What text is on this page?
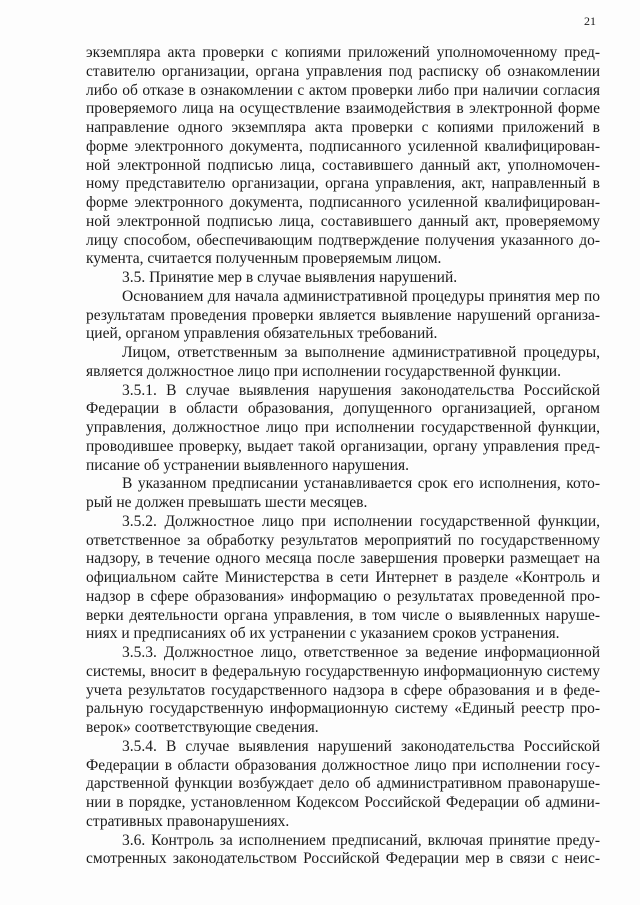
21
экземпляра акта проверки с копиями приложений уполномоченному пред-
ставителю организации, органа управления под расписку об ознакомлении
либо об отказе в ознакомлении с актом проверки либо при наличии согласия
проверяемого лица на осуществление взаимодействия в электронной форме
направление одного экземпляра акта проверки с копиями приложений в
форме электронного документа, подписанного усиленной квалифицирован-
ной электронной подписью лица, составившего данный акт, уполномочен-
ному представителю организации, органа управления, акт, направленный в
форме электронного документа, подписанного усиленной квалифицирован-
ной электронной подписью лица, составившего данный акт, проверяемому
лицу способом, обеспечивающим подтверждение получения указанного до-
кумента, считается полученным проверяемым лицом.
3.5. Принятие мер в случае выявления нарушений.
Основанием для начала административной процедуры принятия мер по
результатам проведения проверки является выявление нарушений организа-
цией, органом управления обязательных требований.
Лицом, ответственным за выполнение административной процедуры,
является должностное лицо при исполнении государственной функции.
3.5.1. В случае выявления нарушения законодательства Российской
Федерации в области образования, допущенного организацией, органом
управления, должностное лицо при исполнении государственной функции,
проводившее проверку, выдает такой организации, органу управления пред-
писание об устранении выявленного нарушения.
В указанном предписании устанавливается срок его исполнения, кото-
рый не должен превышать шести месяцев.
3.5.2. Должностное лицо при исполнении государственной функции,
ответственное за обработку результатов мероприятий по государственному
надзору, в течение одного месяца после завершения проверки размещает на
официальном сайте Министерства в сети Интернет в разделе «Контроль и
надзор в сфере образования» информацию о результатах проведенной про-
верки деятельности органа управления, в том числе о выявленных наруше-
ниях и предписаниях об их устранении с указанием сроков устранения.
3.5.3. Должностное лицо, ответственное за ведение информационной
системы, вносит в федеральную государственную информационную систему
учета результатов государственного надзора в сфере образования и в феде-
ральную государственную информационную систему «Единый реестр про-
верок» соответствующие сведения.
3.5.4. В случае выявления нарушений законодательства Российской
Федерации в области образования должностное лицо при исполнении госу-
дарственной функции возбуждает дело об административном правонаруше-
нии в порядке, установленном Кодексом Российской Федерации об админи-
стративных правонарушениях.
3.6. Контроль за исполнением предписаний, включая принятие преду-
смотренных законодательством Российской Федерации мер в связи с неис-
